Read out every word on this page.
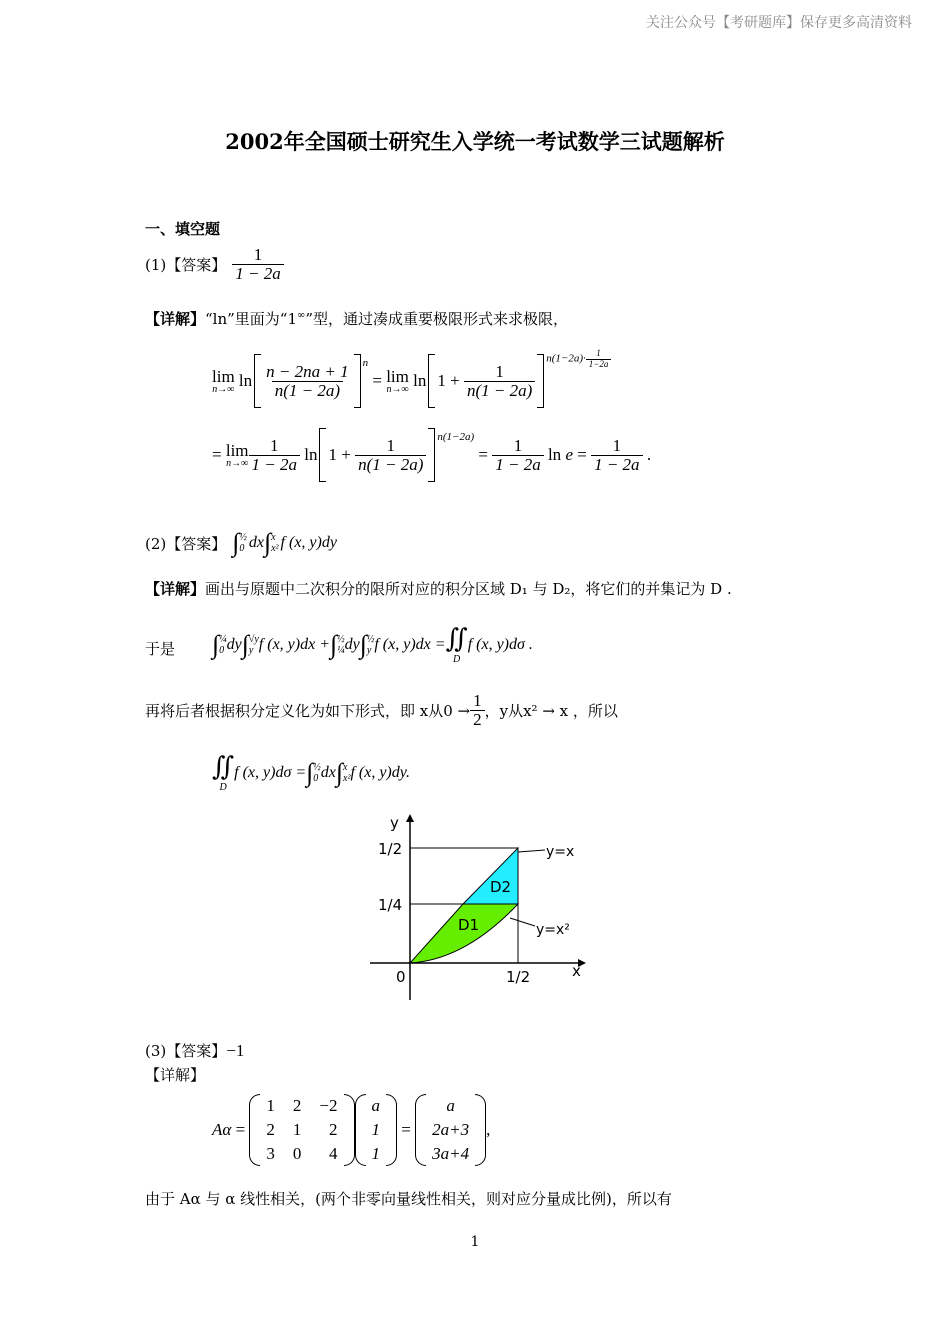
关注公众号【考研题库】保存更多高清资料
2002年全国硕士研究生入学统一考试数学三试题解析
一、填空题
(1)【答案】 $\frac{1}{1 - 2a}$
【详解】“ln”里面为“1∞”型，通过凑成重要极限形式来求极限，
lim
n→∞ $\ln \frac{n - 2na + 1}{n(1 - 2a)}$ n
= lim
n→∞ $\ln 1 + \frac{1}{n(1 - 2a)}$
$n(1-2a)\cdot \frac{1}{1-2a}$
= lim
$n\to\infty \frac{1}{1 - 2a}$ $\ln 1 + \frac{1}{n(1 - 2a)} n(1-2a)$
= $\frac{1}{1 - 2a}$ $\ln e = \frac{1}{1 - 2a}$ .
(2)【答案】 ∫ ½
0 dx ∫ x
x² f (x, y)dy
【详解】画出与原题中二次积分的限所对应的积分区域 D₁ 与 D₂，将它们的并集记为 D .
于是 ∫ ¼
0 dy ∫ √y
y f (x, y)dx + ∫ ½
¼ dy ∫ ½
y f (x, y)dx = ∬
D
f (x, y)dσ .
再将后者根据积分定义化为如下形式，即 x从$0 \to \frac{1}{2}$ ，y从x² → x ，所以
∬
D
f (x, y)dσ = ∫ ½
0 dx ∫ x
x² f (x, y)dy.
y
x
0
1/2
1/4
1/2
D1
D2
y=x
y=x²
(3)【答案】−1
【详解】
Aα =
1 2 −2
2 1	2
3 0	4
a
1
1
=
a
2a+3
3a+4
,
由于 Aα 与 α 线性相关，(两个非零向量线性相关，则对应分量成比例)，所以有
1
